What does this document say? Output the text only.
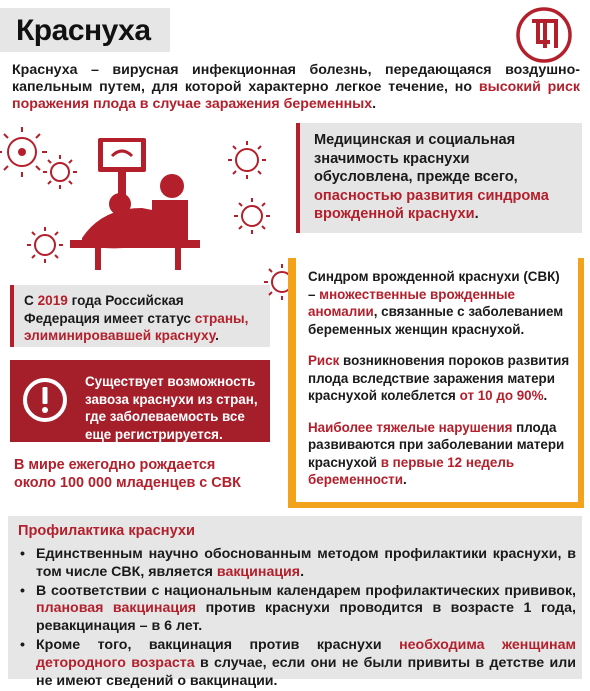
Краснуха

Краснуха – вирусная инфекционная болезнь, передающаяся воздушно-капельным путем, для которой характерно легкое течение, но высокий риск поражения плода в случае заражения беременных.

Медицинская и социальная значимость краснухи обусловлена, прежде всего, опасностью развития синдрома врожденной краснухи.
С 2019 года Российская Федерация имеет статус страны, элиминировавшей краснуху.
Существует возможность завоза краснухи из стран, где заболеваемость все еще регистрируется.
В мире ежегодно рождается
около 100 000 младенцев с СВК

Синдром врожденной краснухи (СВК) – множественные врожденные аномалии, связанные с заболеванием беременных женщин краснухой.

Риск возникновения пороков развития плода вследствие заражения матери краснухой колеблется от 10 до 90%.

Наиболее тяжелые нарушения плода развиваются при заболевании матери краснухой в первые 12 недель беременности.

Профилактика краснухи
• Единственным научно обоснованным методом профилактики краснухи, в том числе СВК, является вакцинация.
• В соответствии с национальным календарем профилактических прививок, плановая вакцинация против краснухи проводится в возрасте 1 года, ревакцинация – в 6 лет.
• Кроме того, вакцинация против краснухи необходима женщинам детородного возраста в случае, если они не были привиты в детстве или не имеют сведений о вакцинации.
